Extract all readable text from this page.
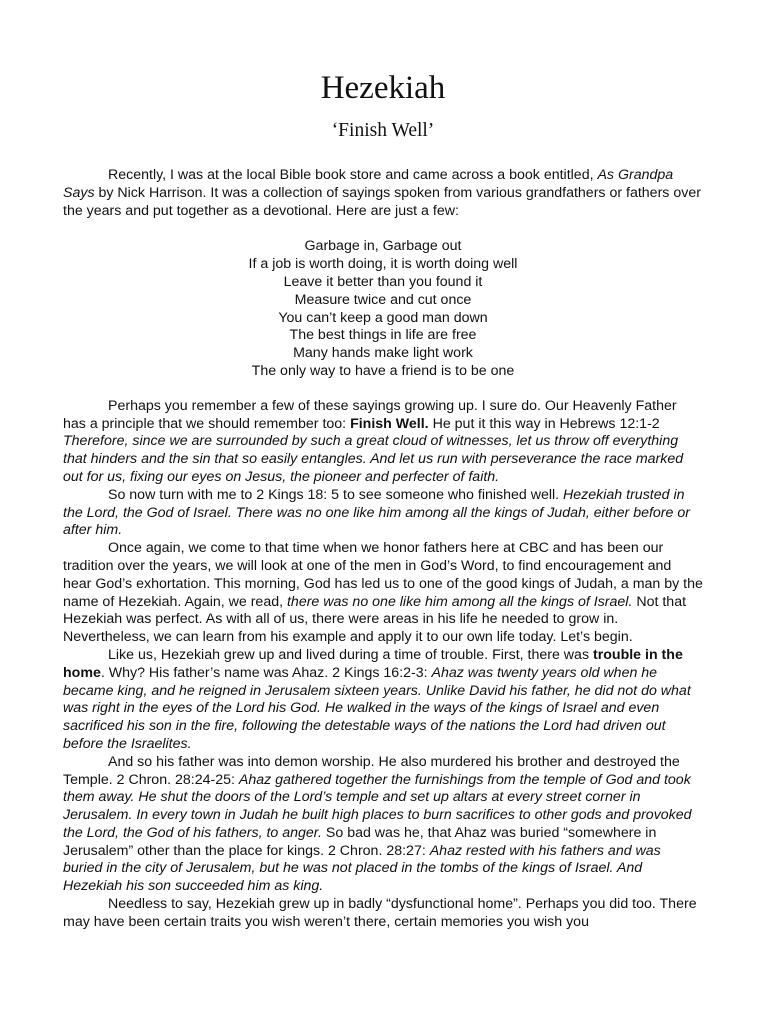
Hezekiah
‘Finish Well’

Recently, I was at the local Bible book store and came across a book entitled, As Grandpa Says by Nick Harrison. It was a collection of sayings spoken from various grandfathers or fathers over the years and put together as a devotional. Here are just a few:

Garbage in, Garbage out
If a job is worth doing, it is worth doing well
Leave it better than you found it
Measure twice and cut once
You can’t keep a good man down
The best things in life are free
Many hands make light work
The only way to have a friend is to be one

Perhaps you remember a few of these sayings growing up. I sure do. Our Heavenly Father has a principle that we should remember too: Finish Well. He put it this way in Hebrews 12:1-2 Therefore, since we are surrounded by such a great cloud of witnesses, let us throw off everything that hinders and the sin that so easily entangles. And let us run with perseverance the race marked out for us, fixing our eyes on Jesus, the pioneer and perfecter of faith.

So now turn with me to 2 Kings 18: 5 to see someone who finished well. Hezekiah trusted in the Lord, the God of Israel. There was no one like him among all the kings of Judah, either before or after him.

Once again, we come to that time when we honor fathers here at CBC and has been our tradition over the years, we will look at one of the men in God’s Word, to find encouragement and hear God’s exhortation. This morning, God has led us to one of the good kings of Judah, a man by the name of Hezekiah. Again, we read, there was no one like him among all the kings of Israel. Not that Hezekiah was perfect. As with all of us, there were areas in his life he needed to grow in. Nevertheless, we can learn from his example and apply it to our own life today. Let’s begin.

Like us, Hezekiah grew up and lived during a time of trouble. First, there was trouble in the home. Why? His father’s name was Ahaz. 2 Kings 16:2-3: Ahaz was twenty years old when he became king, and he reigned in Jerusalem sixteen years. Unlike David his father, he did not do what was right in the eyes of the Lord his God. He walked in the ways of the kings of Israel and even sacrificed his son in the fire, following the detestable ways of the nations the Lord had driven out before the Israelites.

And so his father was into demon worship. He also murdered his brother and destroyed the Temple. 2 Chron. 28:24-25: Ahaz gathered together the furnishings from the temple of God and took them away. He shut the doors of the Lord’s temple and set up altars at every street corner in Jerusalem. In every town in Judah he built high places to burn sacrifices to other gods and provoked the Lord, the God of his fathers, to anger. So bad was he, that Ahaz was buried “somewhere in Jerusalem” other than the place for kings. 2 Chron. 28:27: Ahaz rested with his fathers and was buried in the city of Jerusalem, but he was not placed in the tombs of the kings of Israel. And Hezekiah his son succeeded him as king.

Needless to say, Hezekiah grew up in badly “dysfunctional home”. Perhaps you did too. There may have been certain traits you wish weren’t there, certain memories you wish you
